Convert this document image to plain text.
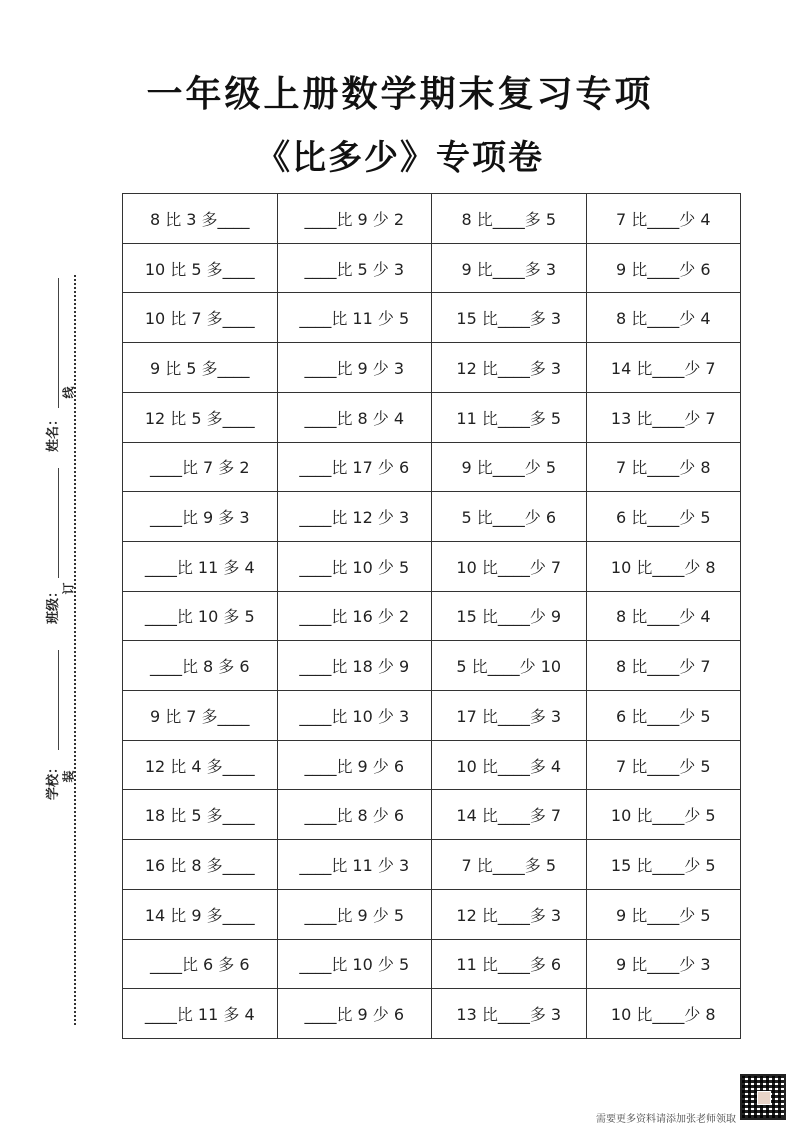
一年级上册数学期末复习专项
《比多少》专项卷
线
订
装
姓名：
班级：
学校：
8 比 3 多____	____比 9 少 2	8 比____多 5	7 比____少 4
10 比 5 多____	____比 5 少 3	9 比____多 3	9 比____少 6
10 比 7 多____	____比 11 少 5	15 比____多 3	8 比____少 4
9 比 5 多____	____比 9 少 3	12 比____多 3	14 比____少 7
12 比 5 多____	____比 8 少 4	11 比____多 5	13 比____少 7
____比 7 多 2	____比 17 少 6	9 比____少 5	7 比____少 8
____比 9 多 3	____比 12 少 3	5 比____少 6	6 比____少 5
____比 11 多 4	____比 10 少 5	10 比____少 7	10 比____少 8
____比 10 多 5	____比 16 少 2	15 比____少 9	8 比____少 4
____比 8 多 6	____比 18 少 9	5 比____少 10	8 比____少 7
9 比 7 多____	____比 10 少 3	17 比____多 3	6 比____少 5
12 比 4 多____	____比 9 少 6	10 比____多 4	7 比____少 5
18 比 5 多____	____比 8 少 6	14 比____多 7	10 比____少 5
16 比 8 多____	____比 11 少 3	7 比____多 5	15 比____少 5
14 比 9 多____	____比 9 少 5	12 比____多 3	9 比____少 5
____比 6 多 6	____比 10 少 5	11 比____多 6	9 比____少 3
____比 11 多 4	____比 9 少 6	13 比____多 3	10 比____少 8
需要更多资料请添加张老师领取
